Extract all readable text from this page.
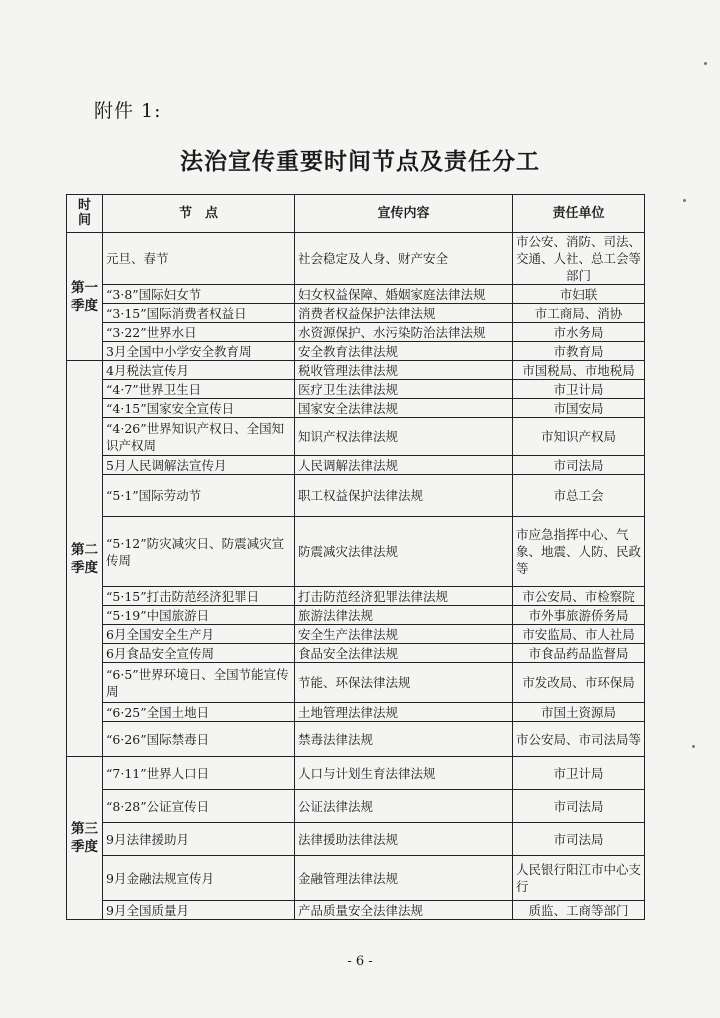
附件 1:
法治宣传重要时间节点及责任分工
时间	节　点	宣传内容	责任单位

第一
季度	元旦、春节	社会稳定及人身、财产安全	市公安、消防、司法、交通、人社、总工会等部门
	“3·8”国际妇女节	妇女权益保障、婚姻家庭法律法规	市妇联
	“3·15”国际消费者权益日	消费者权益保护法律法规	市工商局、消协
	“3·22”世界水日	水资源保护、水污染防治法律法规	市水务局
	3月全国中小学安全教育周	安全教育法律法规	市教育局

第二
季度	4月税法宣传月	税收管理法律法规	市国税局、市地税局
	“4·7”世界卫生日	医疗卫生法律法规	市卫计局
	“4·15”国家安全宣传日	国家安全法律法规	市国安局
	“4·26”世界知识产权日、全国知识产权周	知识产权法律法规	市知识产权局
	5月人民调解法宣传月	人民调解法律法规	市司法局
	“5·1”国际劳动节	职工权益保护法律法规	市总工会
	“5·12”防灾减灾日、防震减灾宣传周	防震减灾法律法规	市应急指挥中心、气象、地震、人防、民政等
	“5·15”打击防范经济犯罪日	打击防范经济犯罪法律法规	市公安局、市检察院
	“5·19”中国旅游日	旅游法律法规	市外事旅游侨务局
	6月全国安全生产月	安全生产法律法规	市安监局、市人社局
	6月食品安全宣传周	食品安全法律法规	市食品药品监督局
	“6·5”世界环境日、全国节能宣传周	节能、环保法律法规	市发改局、市环保局
	“6·25”全国土地日	土地管理法律法规	市国土资源局
	“6·26”国际禁毒日	禁毒法律法规	市公安局、市司法局等

第三
季度	“7·11”世界人口日	人口与计划生育法律法规	市卫计局
	“8·28”公证宣传日	公证法律法规	市司法局
	9月法律援助月	法律援助法律法规	市司法局
	9月金融法规宣传月	金融管理法律法规	人民银行阳江市中心支行
	9月全国质量月	产品质量安全法律法规	质监、工商等部门
- 6 -
